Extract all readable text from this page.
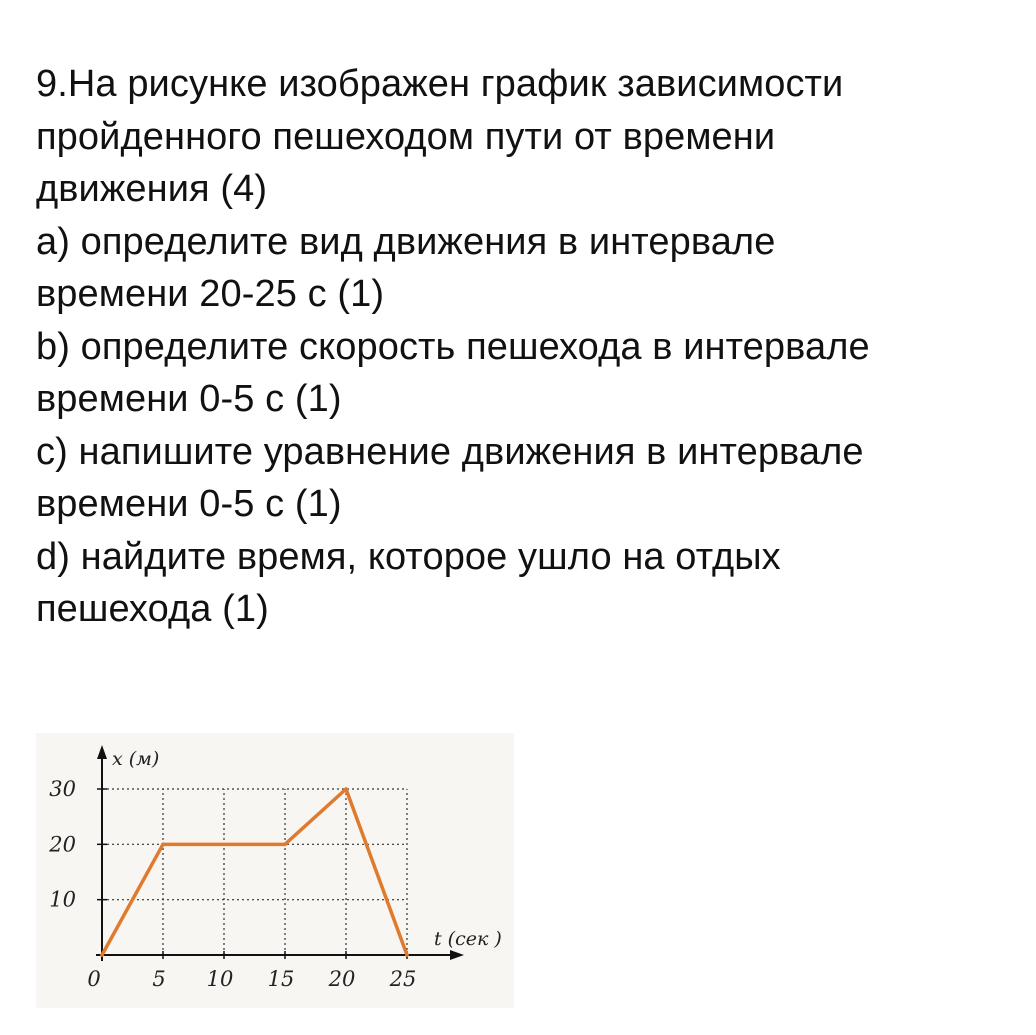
9.На рисунке изображен график зависимости
пройденного пешеходом пути от времени
движения (4)
a) определите вид движения в интервале
времени 20-25 с (1)
b) определите скорость пешехода в интервале
времени 0-5 с (1)
c) напишите уравнение движения в интервале
времени 0-5 с (1)
d) найдите время, которое ушло на отдых
пешехода (1)
0 5 10 15 20 25
10
20
30
x (м)
t (сек )
